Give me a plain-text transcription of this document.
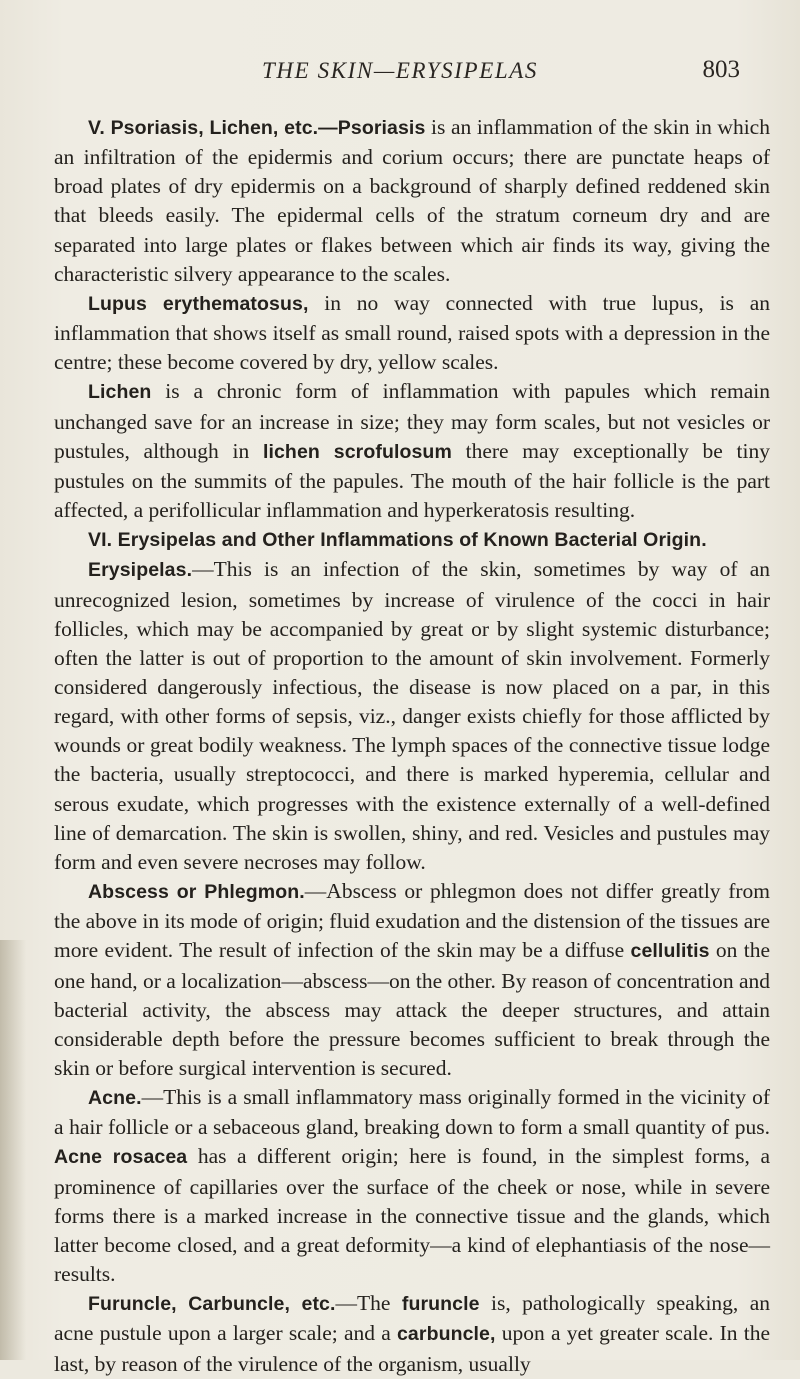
THE SKIN—ERYSIPELAS	803

V. Psoriasis, Lichen, etc.—Psoriasis is an inflammation of the skin in which an infiltration of the epidermis and corium occurs; there are punctate heaps of broad plates of dry epidermis on a background of sharply defined reddened skin that bleeds easily. The epidermal cells of the stratum corneum dry and are separated into large plates or flakes between which air finds its way, giving the characteristic silvery appearance to the scales.

Lupus erythematosus, in no way connected with true lupus, is an inflammation that shows itself as small round, raised spots with a depression in the centre; these become covered by dry, yellow scales.

Lichen is a chronic form of inflammation with papules which remain unchanged save for an increase in size; they may form scales, but not vesicles or pustules, although in lichen scrofulosum there may exceptionally be tiny pustules on the summits of the papules. The mouth of the hair follicle is the part affected, a perifollicular inflammation and hyperkeratosis resulting.

VI. Erysipelas and Other Inflammations of Known Bacterial Origin.

Erysipelas.—This is an infection of the skin, sometimes by way of an unrecognized lesion, sometimes by increase of virulence of the cocci in hair follicles, which may be accompanied by great or by slight systemic disturbance; often the latter is out of proportion to the amount of skin involvement. Formerly considered dangerously infectious, the disease is now placed on a par, in this regard, with other forms of sepsis, viz., danger exists chiefly for those afflicted by wounds or great bodily weakness. The lymph spaces of the connective tissue lodge the bacteria, usually streptococci, and there is marked hyperemia, cellular and serous exudate, which progresses with the existence externally of a well-defined line of demarcation. The skin is swollen, shiny, and red. Vesicles and pustules may form and even severe necroses may follow.

Abscess or Phlegmon.—Abscess or phlegmon does not differ greatly from the above in its mode of origin; fluid exudation and the distension of the tissues are more evident. The result of infection of the skin may be a diffuse cellulitis on the one hand, or a localization—abscess—on the other. By reason of concentration and bacterial activity, the abscess may attack the deeper structures, and attain considerable depth before the pressure becomes sufficient to break through the skin or before surgical intervention is secured.

Acne.—This is a small inflammatory mass originally formed in the vicinity of a hair follicle or a sebaceous gland, breaking down to form a small quantity of pus. Acne rosacea has a different origin; here is found, in the simplest forms, a prominence of capillaries over the surface of the cheek or nose, while in severe forms there is a marked increase in the connective tissue and the glands, which latter become closed, and a great deformity—a kind of elephantiasis of the nose—results.

Furuncle, Carbuncle, etc.—The furuncle is, pathologically speaking, an acne pustule upon a larger scale; and a carbuncle, upon a yet greater scale. In the last, by reason of the virulence of the organism, usually
